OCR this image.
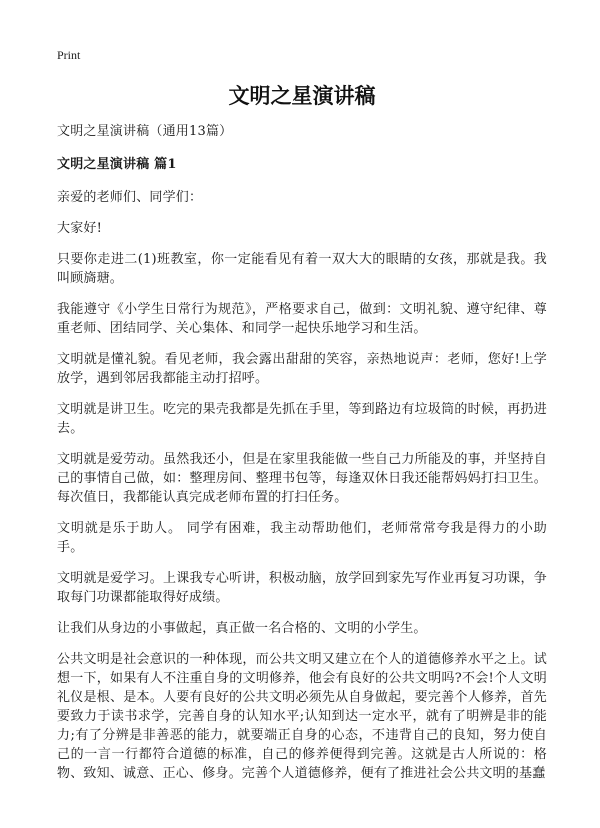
Print
文明之星演讲稿

文明之星演讲稿（通用13篇）

文明之星演讲稿 篇1

亲爱的老师们、同学们：

大家好!

只要你走进二(1)班教室，你一定能看见有着一双大大的眼睛的女孩，那就是我。我叫顾旖瑭。

我能遵守《小学生日常行为规范》，严格要求自己，做到：文明礼貌、遵守纪律、尊重老师、团结同学、关心集体、和同学一起快乐地学习和生活。

文明就是懂礼貌。看见老师，我会露出甜甜的笑容，亲热地说声：老师，您好!上学放学，遇到邻居我都能主动打招呼。

文明就是讲卫生。吃完的果壳我都是先抓在手里，等到路边有垃圾筒的时候，再扔进去。

文明就是爱劳动。虽然我还小，但是在家里我能做一些自己力所能及的事，并坚持自己的事情自己做，如：整理房间、整理书包等，每逢双休日我还能帮妈妈打扫卫生。每次值日，我都能认真完成老师布置的打扫任务。

文明就是乐于助人。 同学有困难，我主动帮助他们，老师常常夸我是得力的小助手。

文明就是爱学习。上课我专心听讲，积极动脑，放学回到家先写作业再复习功课，争取每门功课都能取得好成绩。

让我们从身边的小事做起，真正做一名合格的、文明的小学生。

公共文明是社会意识的一种体现，而公共文明又建立在个人的道德修养水平之上。试想一下，如果有人不注重自身的文明修养，他会有良好的公共文明吗?不会!个人文明礼仪是根、是本。人要有良好的公共文明必须先从自身做起，要完善个人修养，首先要致力于读书求学，完善自身的认知水平;认知到达一定水平，就有了明辨是非的能力;有了分辨是非善恶的能力，就要端正自身的心态，不违背自己的良知，努力使自己的一言一行都符合道德的标准，自己的修养便得到完善。这就是古人所说的：格物、致知、诚意、正心、修身。完善个人道德修养，便有了推进社会公共文明的基蠢
